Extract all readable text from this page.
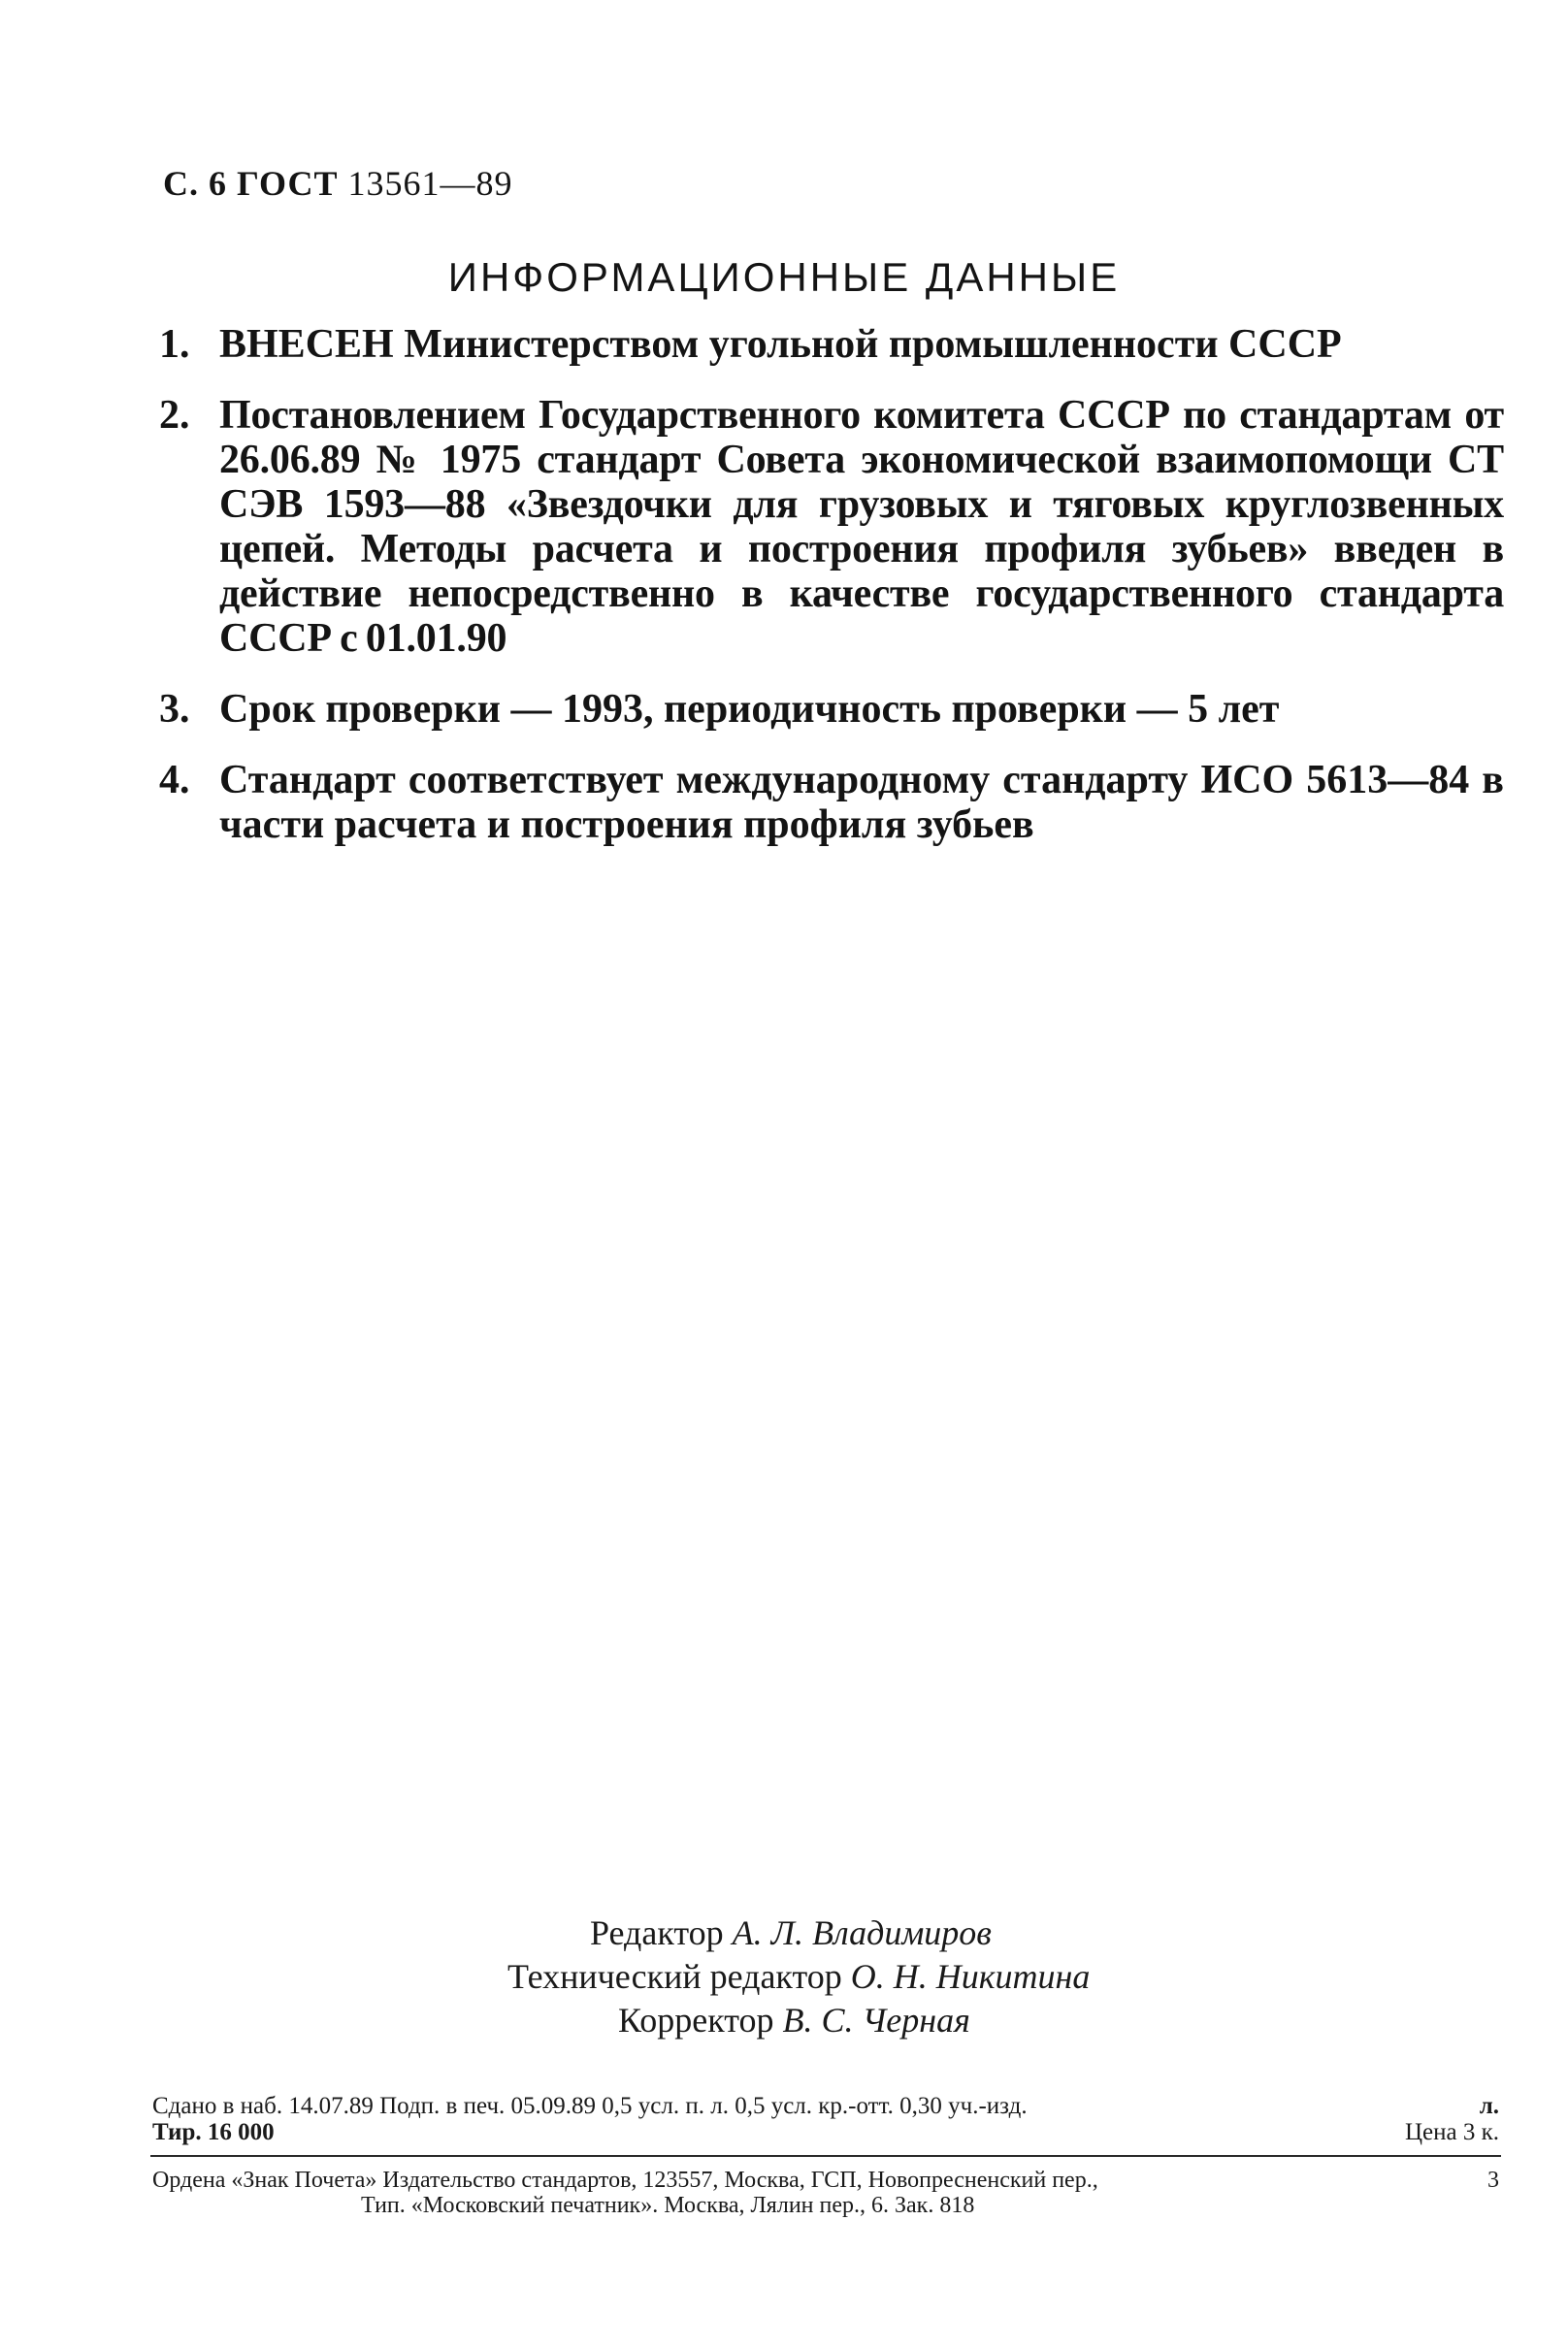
С. 6 ГОСТ 13561—89
ИНФОРМАЦИОННЫЕ ДАННЫЕ
1. ВНЕСЕН Министерством угольной промышленности СССР
2. Постановлением Государственного комитета СССР по стандартам от 26.06.89 № 1975 стандарт Совета экономической взаимопомощи СТ СЭВ 1593—88 «Звездочки для грузовых и тяговых круглозвенных цепей. Методы расчета и построения профиля зубьев» введен в действие непосредственно в качестве государственного стандарта СССР с 01.01.90
3. Срок проверки — 1993, периодичность проверки — 5 лет
4. Стандарт соответствует международному стандарту ИСО 5613—84 в части расчета и построения профиля зубьев
Редактор А. Л. Владимиров
Технический редактор О. Н. Никитина
Корректор В. С. Черная
Сдано в наб. 14.07.89 Подп. в печ. 05.09.89 0,5 усл. п. л. 0,5 усл. кр.-отт. 0,30 уч.-изд.	л.
Тир. 16 000	Цена 3 к.
Ордена «Знак Почета» Издательство стандартов, 123557, Москва, ГСП, Новопресненский пер.,	3
Тип. «Московский печатник». Москва, Лялин пер., 6. Зак. 818
